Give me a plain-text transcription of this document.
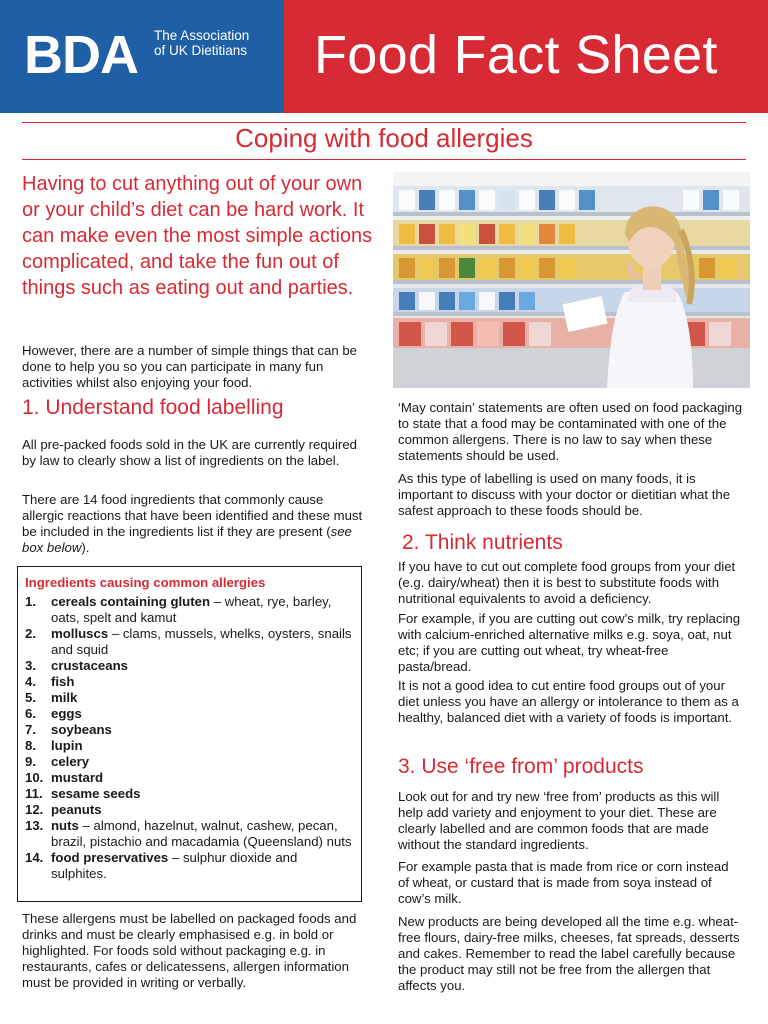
BDA The Association
of UK Dietitians Food Fact Sheet
Coping with food allergies
Having to cut anything out of your own or your child’s diet can be hard work. It can make even the most simple actions complicated, and take the fun out of things such as eating out and parties.
However, there are a number of simple things that can be done to help you so you can participate in many fun activities whilst also enjoying your food.
1. Understand food labelling
All pre-packed foods sold in the UK are currently required by law to clearly show a list of ingredients on the label.
There are 14 food ingredients that commonly cause allergic reactions that have been identified and these must be included in the ingredients list if they are present (see box below).
Ingredients causing common allergies
1. cereals containing gluten – wheat, rye, barley, oats, spelt and kamut
2. molluscs – clams, mussels, whelks, oysters, snails and squid
3. crustaceans
4. fish
5. milk
6. eggs
7. soybeans
8. lupin
9. celery
10. mustard
11. sesame seeds
12. peanuts
13. nuts – almond, hazelnut, walnut, cashew, pecan, brazil, pistachio and macadamia (Queensland) nuts
14. food preservatives – sulphur dioxide and sulphites.
These allergens must be labelled on packaged foods and drinks and must be clearly emphasised e.g. in bold or highlighted. For foods sold without packaging e.g. in restaurants, cafes or delicatessens, allergen information must be provided in writing or verbally.
‘May contain’ statements are often used on food packaging to state that a food may be contaminated with one of the common allergens. There is no law to say when these statements should be used.
As this type of labelling is used on many foods, it is important to discuss with your doctor or dietitian what the safest approach to these foods should be.
2. Think nutrients
If you have to cut out complete food groups from your diet (e.g. dairy/wheat) then it is best to substitute foods with nutritional equivalents to avoid a deficiency.
For example, if you are cutting out cow’s milk, try replacing with calcium-enriched alternative milks e.g. soya, oat, nut etc; if you are cutting out wheat, try wheat-free pasta/bread.
It is not a good idea to cut entire food groups out of your diet unless you have an allergy or intolerance to them as a healthy, balanced diet with a variety of foods is important.
3. Use ‘free from’ products
Look out for and try new ‘free from’ products as this will help add variety and enjoyment to your diet. These are clearly labelled and are common foods that are made without the standard ingredients.
For example pasta that is made from rice or corn instead of wheat, or custard that is made from soya instead of cow’s milk.
New products are being developed all the time e.g. wheat-free flours, dairy-free milks, cheeses, fat spreads, desserts and cakes. Remember to read the label carefully because the product may still not be free from the allergen that affects you.
